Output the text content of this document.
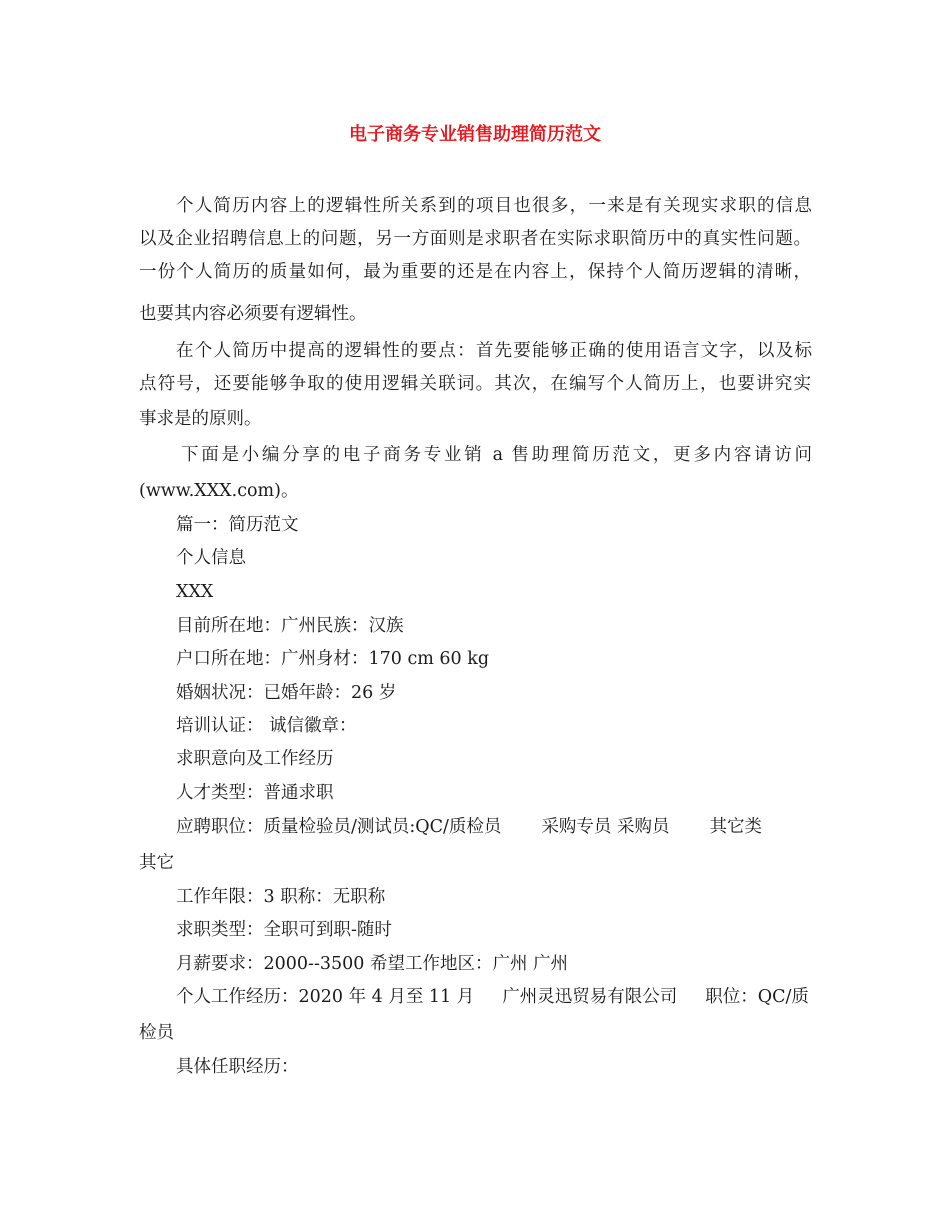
电子商务专业销售助理简历范文
个人简历内容上的逻辑性所关系到的项目也很多，一来是有关现实求职的信息
以及企业招聘信息上的问题，另一方面则是求职者在实际求职简历中的真实性问题。
一份个人简历的质量如何，最为重要的还是在内容上，保持个人简历逻辑的清晰，
也要其内容必须要有逻辑性。
在个人简历中提高的逻辑性的要点：首先要能够正确的使用语言文字，以及标
点符号，还要能够争取的使用逻辑关联词。其次，在编写个人简历上，也要讲究实
事求是的原则。
下面是小编分享的电子商务专业销 a 售助理简历范文，更多内容请访问
(www.XXX.com)。
篇一：简历范文
个人信息
XXX
目前所在地：广州民族：汉族
户口所在地：广州身材：170 cm 60 kg
婚姻状况：已婚年龄：26 岁
培训认证： 诚信徽章：
求职意向及工作经历
人才类型：普通求职
应聘职位：质量检验员/测试员:QC/质检员 采购专员 采购员 其它类
其它
工作年限：3 职称：无职称
求职类型：全职可到职-随时
月薪要求：2000--3500 希望工作地区：广州 广州
个人工作经历：2020 年 4 月至 11 月 广州灵迅贸易有限公司 职位：QC/质
检员
具体任职经历：
